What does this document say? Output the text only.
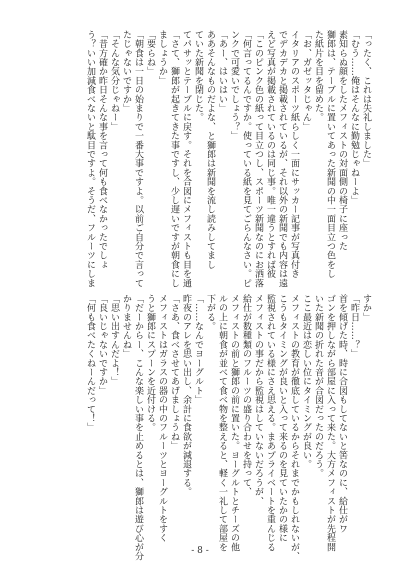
「ったく、これは失礼しました」
「むう……俺はそんなに勤勉じゃねーよ」
素知らぬ顔をしたメフィストの対面側の椅子に座った
獅郎は、テーブルに置いてあった新聞の中一面目立つ色をし
た紙片を目を留めた。
「お、ガゼッタじゃん」
イタリアのスポーツ紙らしく一面にサッカー記事が写真付き
でデカデカと掲載されているが、それ以外の新聞でも内容は遠
えど写真が掲載されているのは同じ事。唯一違うとすれば彼
「このピンク色の紙って目立つし、スポーツ新聞なのにお洒落
「何言ってるんですか。使っている紙を見てごらんなさい。ピ
ンクで可愛いでしょう？」
「あー、はいはい」
ああそんなものだよな、と獅郎は新聞を流し読みしてまし
ていた新聞を閉じた。
てパサッとテーブルに戻す。それを合図にメフィストも目を通
「さて、獅郎が起きてきた事ですし、少し遅いですが朝食にし
ましょうか」
「要らね」
「朝食は一日の始まりで一番大事ですよ。以前ご自分で言って
たじゃないですか」
「そんな気分じゃねー」
「昔方確か昨日そんな事を言って何も食べなかったでしょ
う？いい加減食べないと駄目ですよ。そうだ、フルーツにしま
すか」
「昨日……？」
首を傾げた時、時に合図もしてないと筈なのに、給仕がワ
ゴンを押しながら部屋に入って来た。大方メフィストが先程開
いた新聞の折れた音が合図だったのだろう。
ここ最近は恋しい位にタイミングが良い。
メフィストの教育が徹底しているからそれまでかもしれないが、
こうもタイミングが良いと入って来るのを見ていたかの様に
監視されている様にさえ思える。まあプライベートを重んじる
メフィストの事だから監視はしていないだろうが、
給仕が数種類のフルーツの盛り合わせを持って、
メフィストの前と獅郎の前に置いた。ヨーグルトとチーズの他
ルの上に朝食が並べて食べ物を整えると、軽く一礼して部屋を
下がる。
「……なんでヨーグルト」
昨夜のアレを思い出し、余計に食欲が減退する。
「さあ、食べさせてあげましょうね」
メフィストはガラスの器の中のフルーツとヨーグルトをすく
うと獅郎にスプーンを近付ける。
「だーからー、こんな楽しい事を止めるとは、獅郎は遊び心が分
かりませんね」
「思い出すんだよ！」
「良いじゃないですか」
「何も食べたくねーんだって！」
- 8 -
